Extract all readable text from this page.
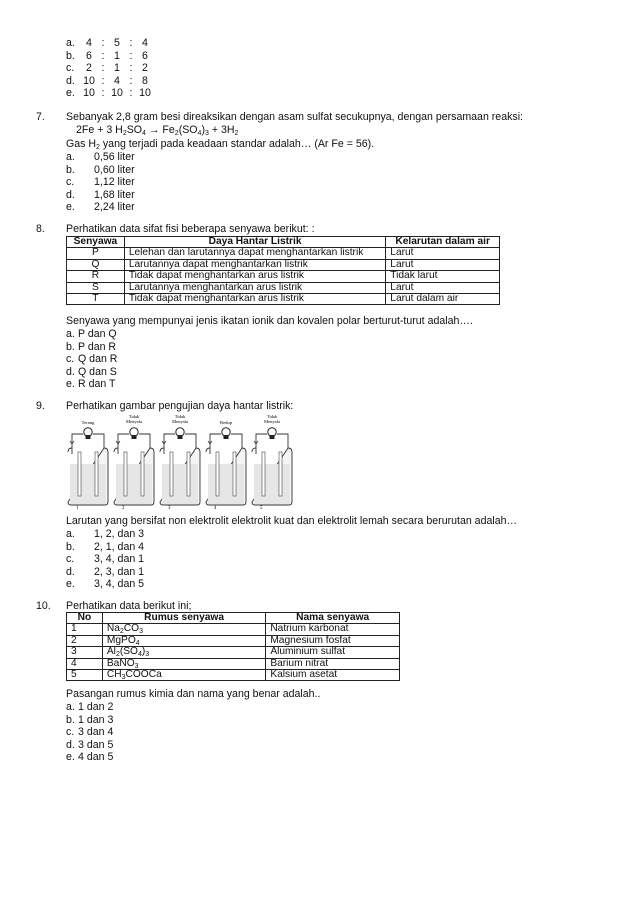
a. 4 : 5 : 4
b. 6 : 1 : 6
c. 2 : 1 : 2
d. 10 : 4 : 8
e. 10 : 10 : 10
7. Sebanyak 2,8 gram besi direaksikan dengan asam sulfat secukupnya, dengan persamaan reaksi:
2Fe + 3 $H_2SO_4 \to Fe_2(SO_4)_3 + 3H_2$
Gas $H_2$ yang terjadi pada keadaan standar adalah… (Ar Fe = 56).
a. 0,56 liter
b. 0,60 liter
c. 1,12 liter
d. 1,68 liter
e. 2,24 liter
8. Perhatikan data sifat fisi beberapa senyawa berikut: :
Senyawa	Daya Hantar Listrik	Kelarutan dalam air
P	Lelehan dan larutannya dapat menghantarkan listrik	Larut
Q	Larutannya dapat menghantarkan listrik	Larut
R	Tidak dapat menghantarkan arus listrik	Tidak larut
S	Larutannya menghantarkan arus listrik	Larut
T	Tidak dapat menghantarkan arus listrik	Larut dalam air
Senyawa yang mempunyai jenis ikatan ionik dan kovalen polar berturut-turut adalah….
a. P dan Q
b. P dan R
c. Q dan R
d. Q dan S
e. R dan T
9. Perhatikan gambar pengujian daya hantar listrik:
Terang
1
Tidak Menyala
2
Tidak Menyala
3
Redup
4
Tidak Menyala
5
Larutan yang bersifat non elektrolit elektrolit kuat dan elektrolit lemah secara berurutan adalah…
a. 1, 2, dan 3
b. 2, 1, dan 4
c. 3, 4, dan 1
d. 2, 3, dan 1
e. 3, 4, dan 5
10. Perhatikan data berikut ini;
No	Rumus senyawa	Nama senyawa
1	$Na_2CO_3$	Natrium karbonat
2	MgPO$_4$	Magnesium fosfat
3	$Al_2(SO_4)_3$	Aluminium sulfat
4	BaNO$_3$	Barium nitrat
5	$CH_3COOCa$	Kalsium asetat
Pasangan rumus kimia dan nama yang benar adalah..
a. 1 dan 2
b. 1 dan 3
c. 3 dan 4
d. 3 dan 5
e. 4 dan 5
